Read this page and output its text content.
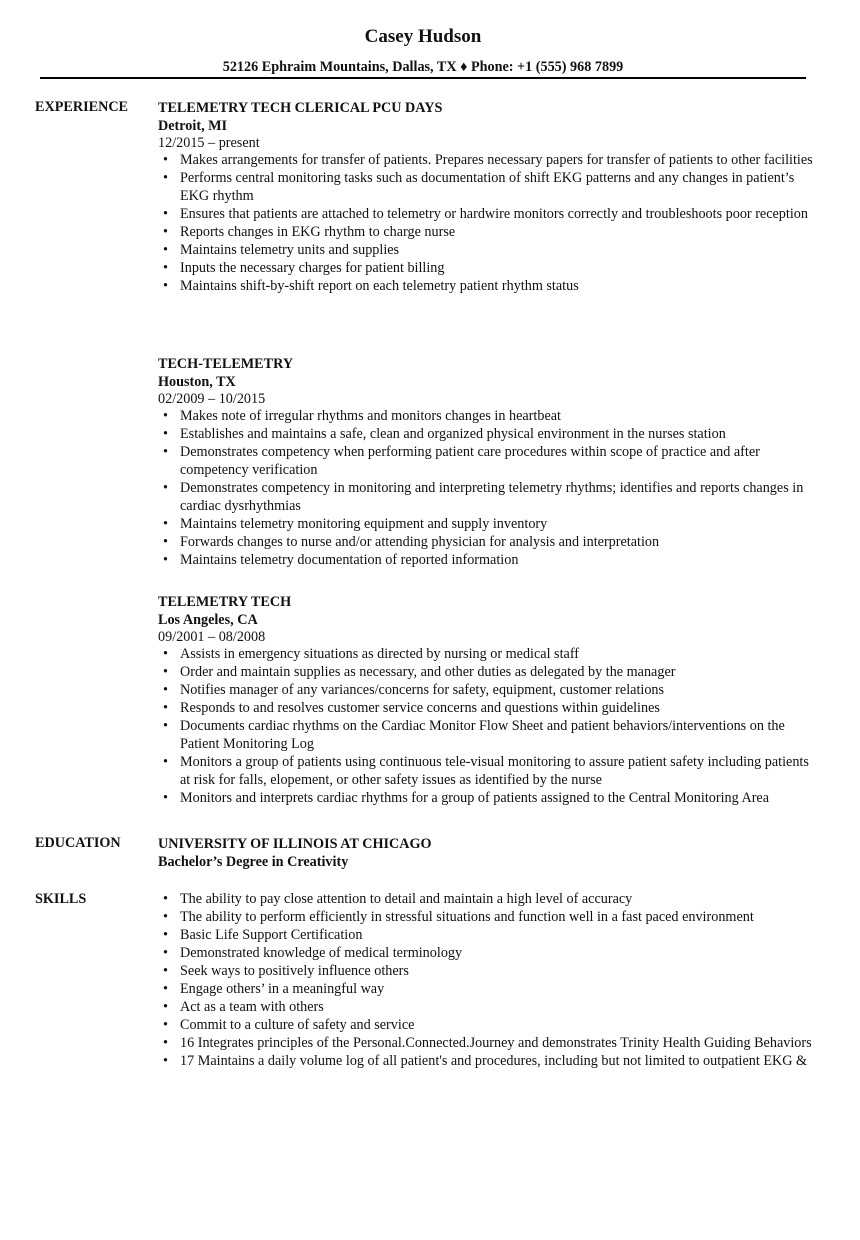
Casey Hudson
52126 Ephraim Mountains, Dallas, TX ♦ Phone: +1 (555) 968 7899
EXPERIENCE TELEMETRY TECH CLERICAL PCU DAYS
Detroit, MI
12/2015 – present
• Makes arrangements for transfer of patients. Prepares necessary papers for transfer of patients to other facilities
• Performs central monitoring tasks such as documentation of shift EKG patterns and any changes in patient’s EKG rhythm
• Ensures that patients are attached to telemetry or hardwire monitors correctly and troubleshoots poor reception
• Reports changes in EKG rhythm to charge nurse
• Maintains telemetry units and supplies
• Inputs the necessary charges for patient billing
• Maintains shift-by-shift report on each telemetry patient rhythm status
TECH-TELEMETRY
Houston, TX
02/2009 – 10/2015
• Makes note of irregular rhythms and monitors changes in heartbeat
• Establishes and maintains a safe, clean and organized physical environment in the nurses station
• Demonstrates competency when performing patient care procedures within scope of practice and after competency verification
• Demonstrates competency in monitoring and interpreting telemetry rhythms; identifies and reports changes in cardiac dysrhythmias
• Maintains telemetry monitoring equipment and supply inventory
• Forwards changes to nurse and/or attending physician for analysis and interpretation
• Maintains telemetry documentation of reported information
TELEMETRY TECH
Los Angeles, CA
09/2001 – 08/2008
• Assists in emergency situations as directed by nursing or medical staff
• Order and maintain supplies as necessary, and other duties as delegated by the manager
• Notifies manager of any variances/concerns for safety, equipment, customer relations
• Responds to and resolves customer service concerns and questions within guidelines
• Documents cardiac rhythms on the Cardiac Monitor Flow Sheet and patient behaviors/interventions on the Patient Monitoring Log
• Monitors a group of patients using continuous tele-visual monitoring to assure patient safety including patients at risk for falls, elopement, or other safety issues as identified by the nurse
• Monitors and interprets cardiac rhythms for a group of patients assigned to the Central Monitoring Area
EDUCATION	UNIVERSITY OF ILLINOIS AT CHICAGO
Bachelor’s Degree in Creativity
SKILLS	• The ability to pay close attention to detail and maintain a high level of accuracy
• The ability to perform efficiently in stressful situations and function well in a fast paced environment
• Basic Life Support Certification
• Demonstrated knowledge of medical terminology
• Seek ways to positively influence others
• Engage others’ in a meaningful way
• Act as a team with others
• Commit to a culture of safety and service
• 16 Integrates principles of the Personal.Connected.Journey and demonstrates Trinity Health Guiding Behaviors
• 17 Maintains a daily volume log of all patient's and procedures, including but not limited to outpatient EKG &
